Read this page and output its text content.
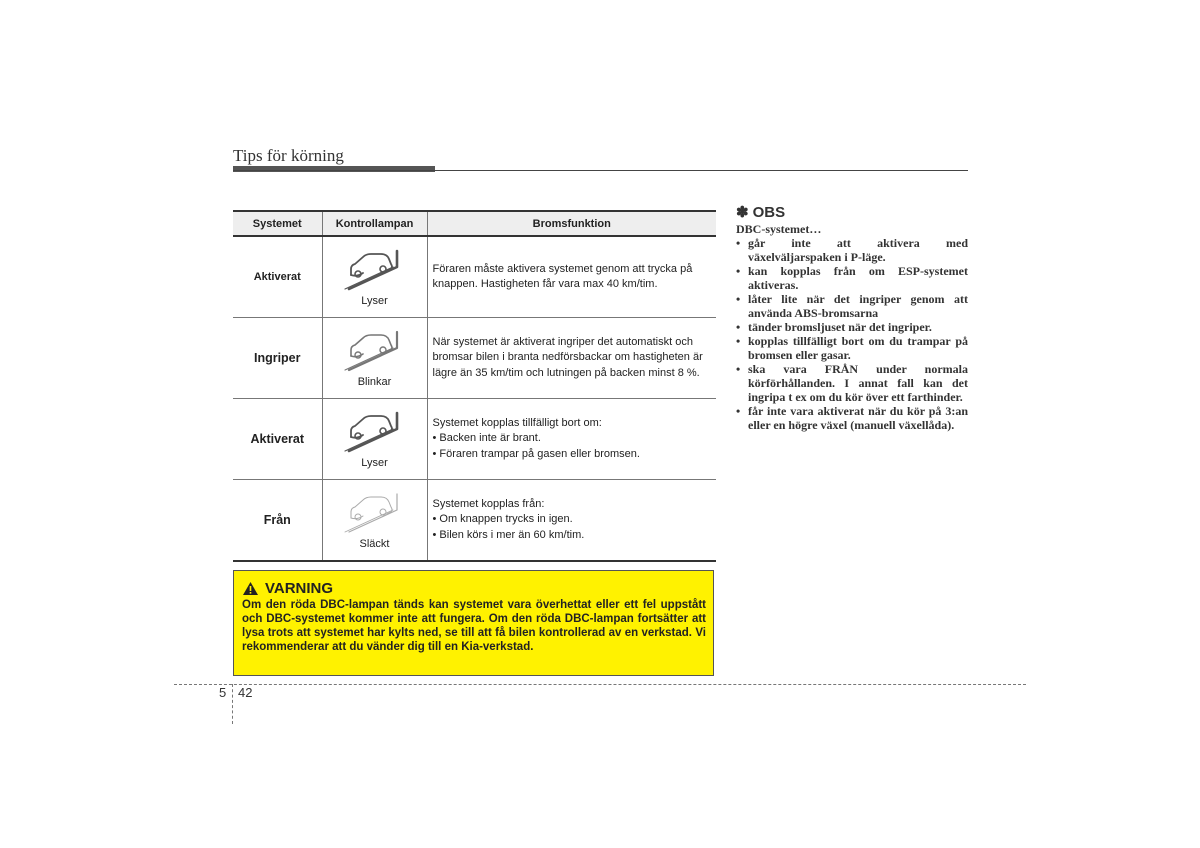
Tips för körning
Systemet	Kontrollampan	Bromsfunktion
Aktiverat	Lyser	Föraren måste aktivera systemet genom att trycka på knappen. Hastigheten får vara max 40 km/tim.

Ingriper	Blinkar	När systemet är aktiverat ingriper det automatiskt och bromsar bilen i branta nedförsbackar om hastigheten är lägre än 35 km/tim och lutningen på backen minst 8 %.

Aktiverat	Lyser	Systemet kopplas tillfälligt bort om:
• Backen inte är brant.
• Föraren trampar på gasen eller bromsen.

Från	Släckt	Systemet kopplas från:
• Om knappen trycks in igen.
• Bilen körs i mer än 60 km/tim.
VARNING
Om den röda DBC-lampan tänds kan systemet vara överhettat eller ett fel uppstått och DBC-systemet kommer inte att fungera. Om den röda DBC-lampan fortsätter att lysa trots att systemet har kylts ned, se till att få bilen kontrollerad av en verkstad. Vi rekommenderar att du vänder dig till en Kia-verkstad.
✽ OBS
DBC-systemet…
• går inte att aktivera med växelväljarspaken i P-läge.
• kan kopplas från om ESP-systemet aktiveras.
• låter lite när det ingriper genom att använda ABS-bromsarna
• tänder bromsljuset när det ingriper.
• kopplas tillfälligt bort om du trampar på bromsen eller gasar.
• ska vara FRÅN under normala körförhållanden. I annat fall kan det ingripa t ex om du kör över ett farthinder.
• får inte vara aktiverat när du kör på 3:an eller en högre växel (manuell växellåda).
5 42
